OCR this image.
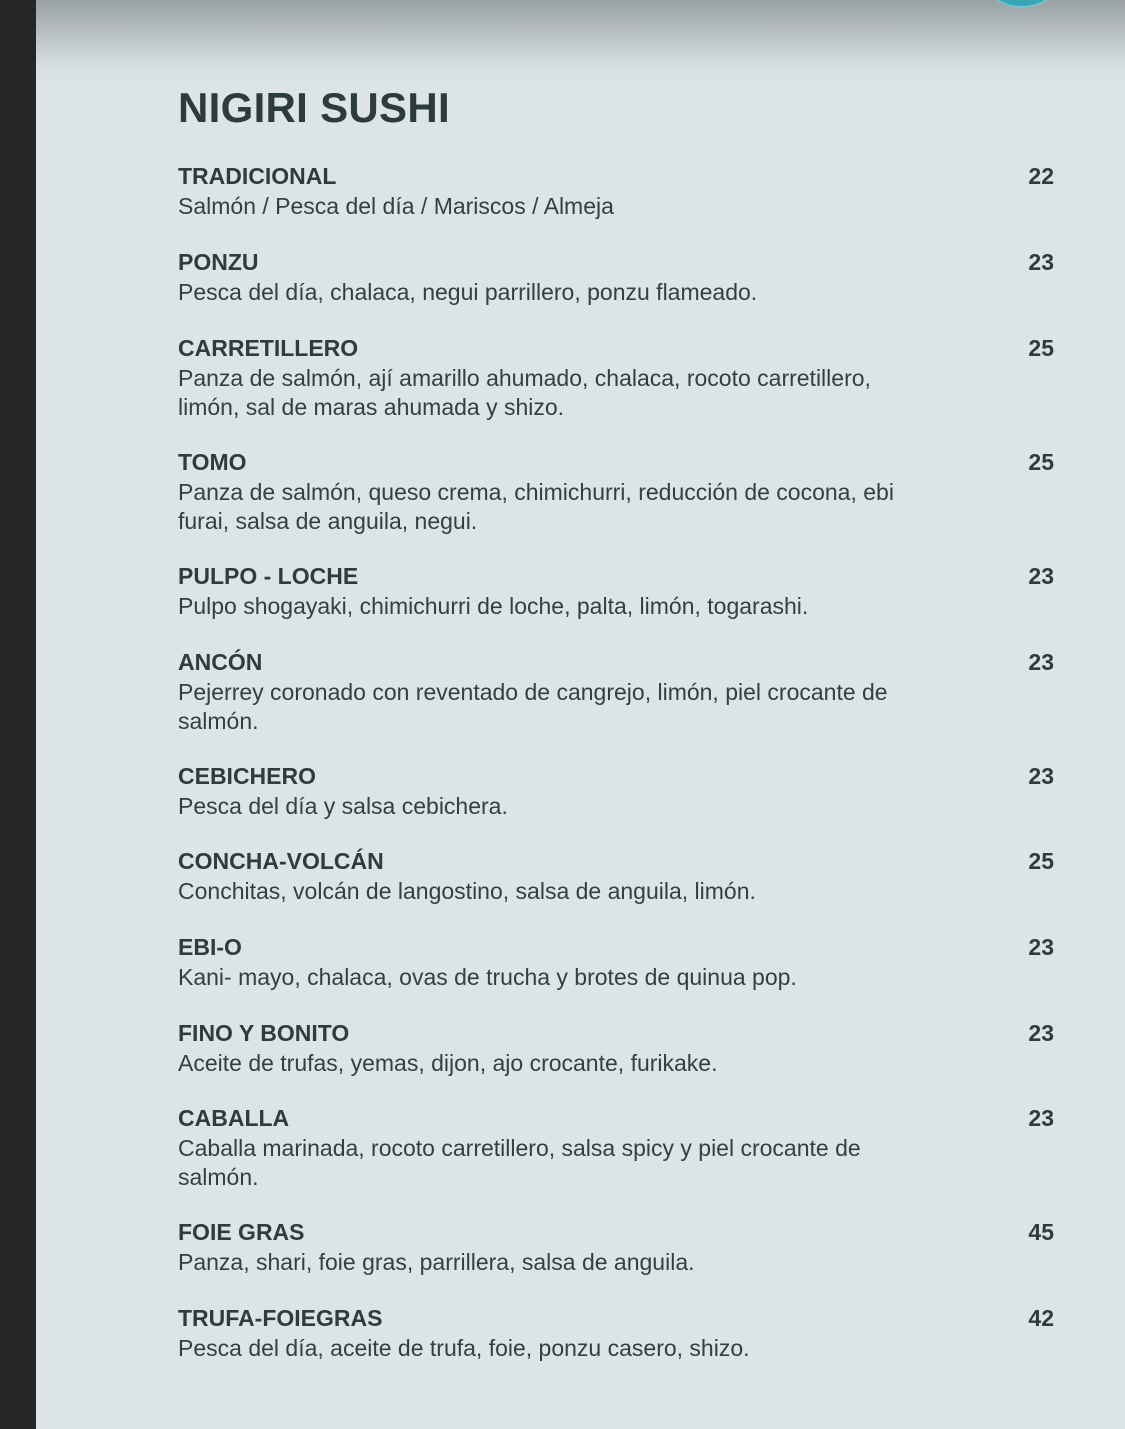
NIGIRI SUSHI
TRADICIONAL	22
Salmón / Pesca del día / Mariscos / Almeja
PONZU	23
Pesca del día, chalaca, negui parrillero, ponzu flameado.
CARRETILLERO	25
Panza de salmón, ají amarillo ahumado, chalaca, rocoto carretillero, limón, sal de maras ahumada y shizo.
TOMO	25
Panza de salmón, queso crema, chimichurri, reducción de cocona, ebi furai, salsa de anguila, negui.
PULPO - LOCHE	23
Pulpo shogayaki, chimichurri de loche, palta, limón, togarashi.
ANCÓN	23
Pejerrey coronado con reventado de cangrejo, limón, piel crocante de salmón.
CEBICHERO	23
Pesca del día y salsa cebichera.
CONCHA-VOLCÁN	25
Conchitas, volcán de langostino, salsa de anguila, limón.
EBI-O	23
Kani- mayo, chalaca, ovas de trucha y brotes de quinua pop.
FINO Y BONITO	23
Aceite de trufas, yemas, dijon, ajo crocante, furikake.
CABALLA	23
Caballa marinada, rocoto carretillero, salsa spicy y piel crocante de salmón.
FOIE GRAS	45
Panza, shari, foie gras, parrillera, salsa de anguila.
TRUFA-FOIEGRAS	42
Pesca del día, aceite de trufa, foie, ponzu casero, shizo.
